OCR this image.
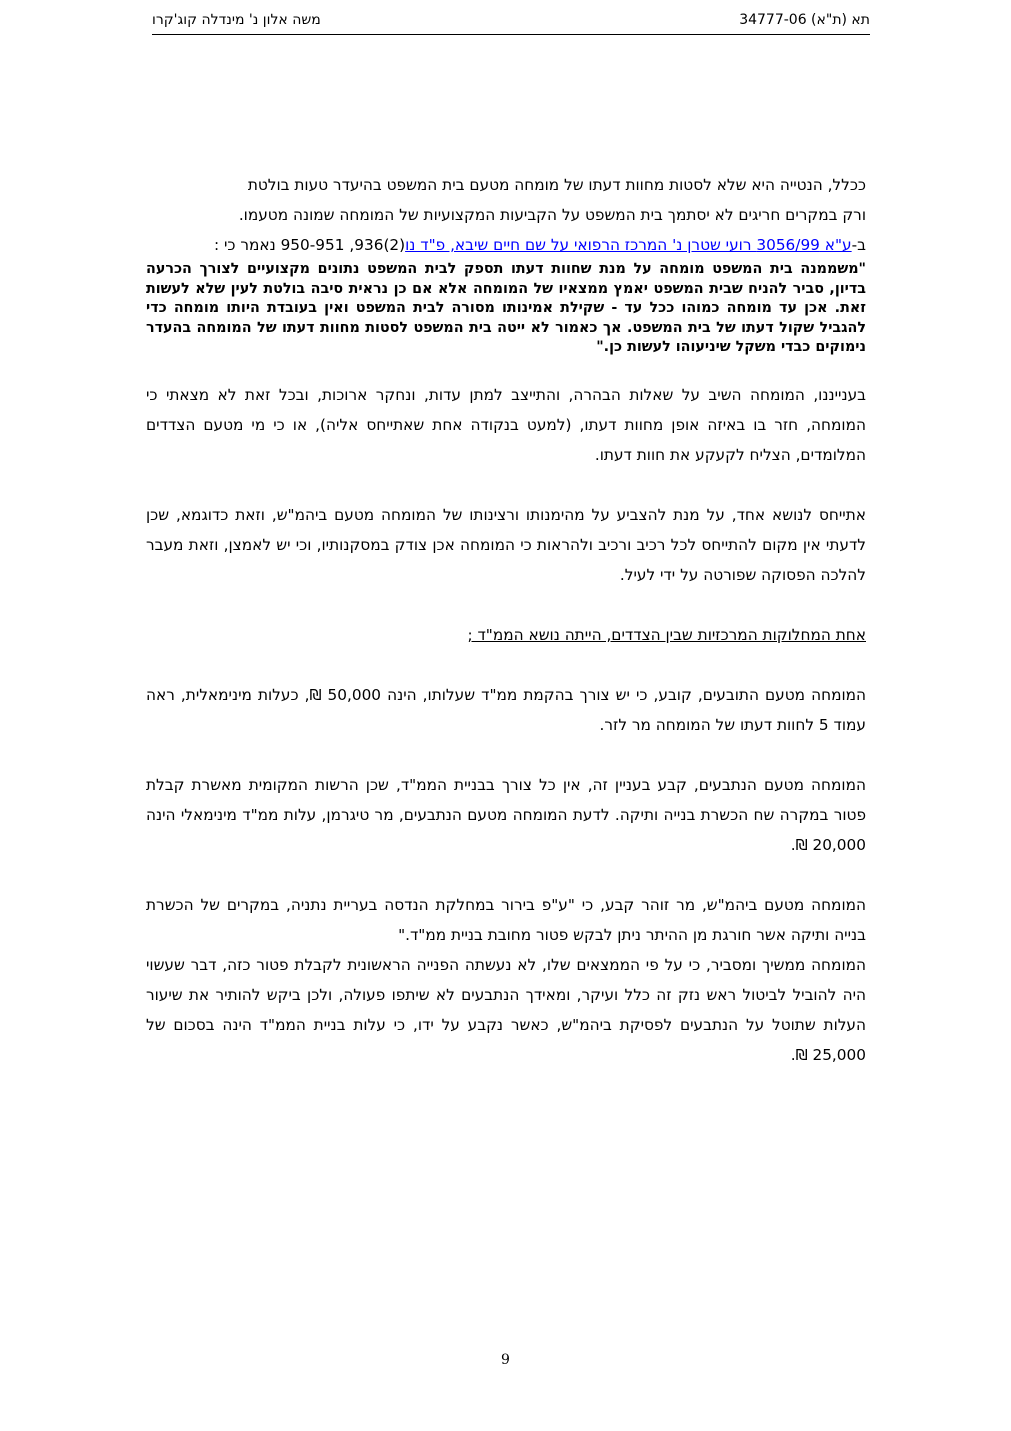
תא (ת"א) 34777-06
משה אלון נ' מינדלה קוג'קרו

ככלל, הנטייה היא שלא לסטות מחוות דעתו של מומחה מטעם בית המשפט בהיעדר טעות בולטת
ורק במקרים חריגים לא יסתמך בית המשפט על הקביעות המקצועיות של המומחה שמונה מטעמו.
ב-ע"א 3056/99 רועי שטרן נ' המרכז הרפואי על שם חיים שיבא, פ"ד נו(2)936, 950-951 נאמר כי :

"משממנה בית המשפט מומחה על מנת שחוות דעתו תספק לבית המשפט נתונים מקצועיים לצורך הכרעה בדיון, סביר להניח שבית המשפט יאמץ ממצאיו של המומחה אלא אם כן נראית סיבה בולטת לעין שלא לעשות זאת. אכן עד מומחה כמוהו ככל עד - שקילת אמינותו מסורה לבית המשפט ואין בעובדת היותו מומחה כדי להגביל שקול דעתו של בית המשפט. אך כאמור לא ייטה בית המשפט לסטות מחוות דעתו של המומחה בהעדר נימוקים כבדי משקל שיניעוהו לעשות כן."

בענייננו, המומחה השיב על שאלות הבהרה, והתייצב למתן עדות, ונחקר ארוכות, ובכל זאת לא מצאתי כי המומחה, חזר בו באיזה אופן מחוות דעתו, (למעט בנקודה אחת שאתייחס אליה), או כי מי מטעם הצדדים המלומדים, הצליח לקעקע את חוות דעתו.

אתייחס לנושא אחד, על מנת להצביע על מהימנותו ורצינותו של המומחה מטעם ביהמ"ש, וזאת כדוגמא, שכן לדעתי אין מקום להתייחס לכל רכיב ורכיב ולהראות כי המומחה אכן צודק במסקנותיו, וכי יש לאמצן, וזאת מעבר להלכה הפסוקה שפורטה על ידי לעיל.

אחת המחלוקות המרכזיות שבין הצדדים, הייתה נושא הממ"ד ;

המומחה מטעם התובעים, קובע, כי יש צורך בהקמת ממ"ד שעלותו, הינה 50,000 ₪, כעלות מינימאלית, ראה עמוד 5 לחוות דעתו של המומחה מר לזר.

המומחה מטעם הנתבעים, קבע בעניין זה, אין כל צורך בבניית הממ"ד, שכן הרשות המקומית מאשרת קבלת פטור במקרה שח הכשרת בנייה ותיקה. לדעת המומחה מטעם הנתבעים, מר טיגרמן, עלות ממ"ד מינימאלי הינה 20,000 ₪.

המומחה מטעם ביהמ"ש, מר זוהר קבע, כי "ע"פ בירור במחלקת הנדסה בעריית נתניה, במקרים של הכשרת בנייה ותיקה אשר חורגת מן ההיתר ניתן לבקש פטור מחובת בניית ממ"ד."

המומחה ממשיך ומסביר, כי על פי הממצאים שלו, לא נעשתה הפנייה הראשונית לקבלת פטור כזה, דבר שעשוי היה להוביל לביטול ראש נזק זה כלל ועיקר, ומאידך הנתבעים לא שיתפו פעולה, ולכן ביקש להותיר את שיעור העלות שתוטל על הנתבעים לפסיקת ביהמ"ש, כאשר נקבע על ידו, כי עלות בניית הממ"ד הינה בסכום של 25,000 ₪.

9
